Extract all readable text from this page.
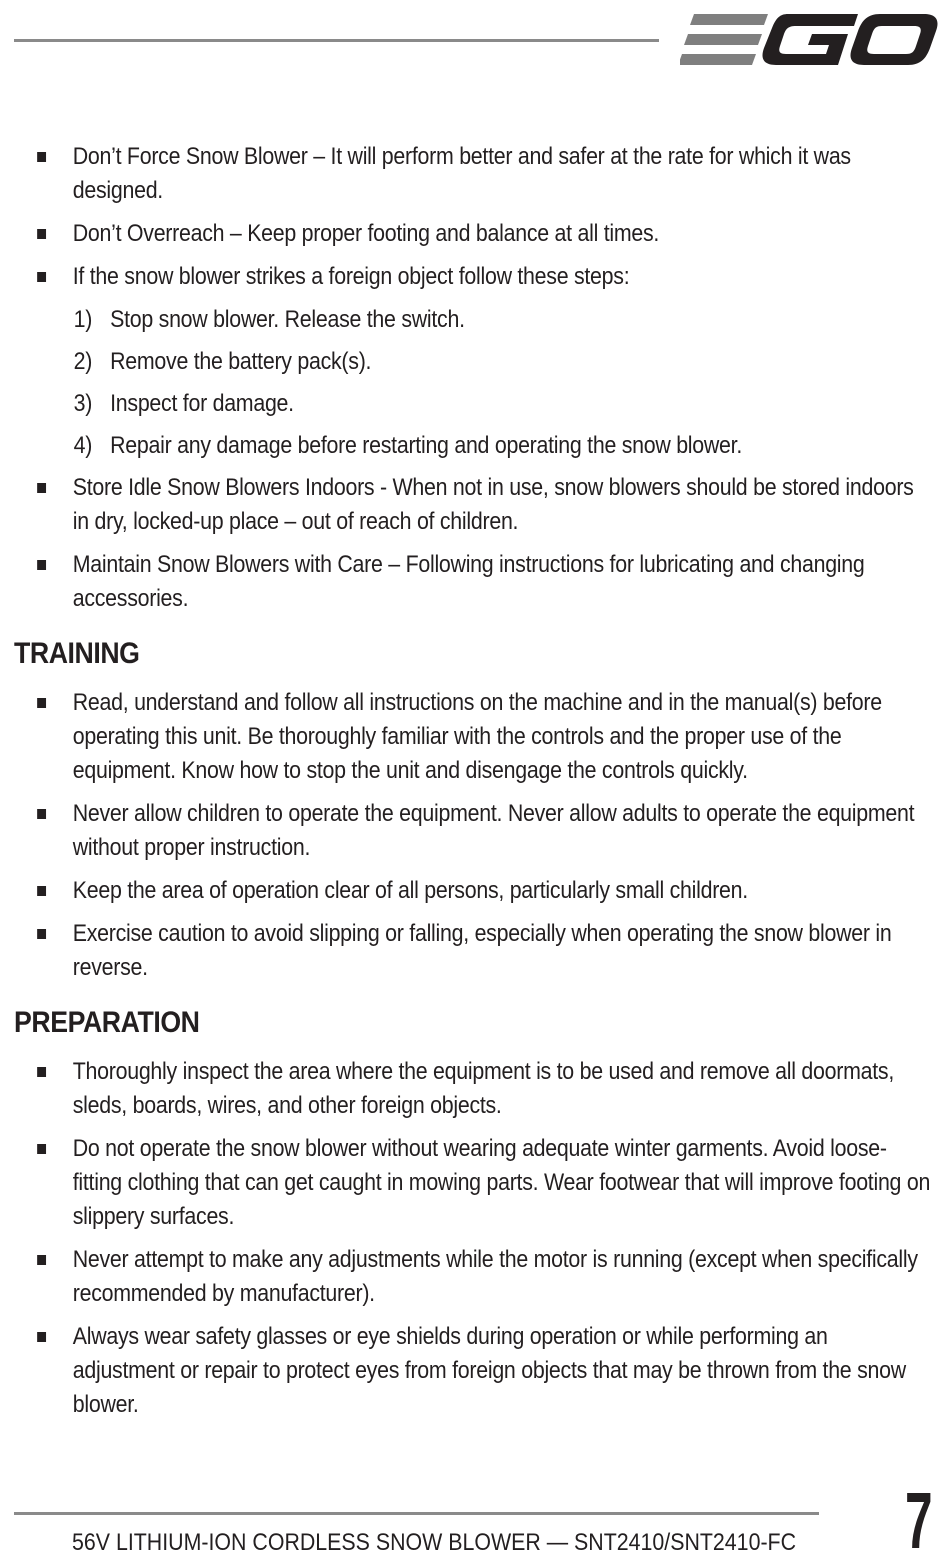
Don’t Force Snow Blower – It will perform better and safer at the rate for which it was designed.
Don’t Overreach – Keep proper footing and balance at all times.
If the snow blower strikes a foreign object follow these steps:
1) Stop snow blower. Release the switch.
2) Remove the battery pack(s).
3) Inspect for damage.
4) Repair any damage before restarting and operating the snow blower.
Store Idle Snow Blowers Indoors - When not in use, snow blowers should be stored indoors in dry, locked-up place – out of reach of children.
Maintain Snow Blowers with Care – Following instructions for lubricating and changing accessories.
TRAINING
Read, understand and follow all instructions on the machine and in the manual(s) before operating this unit. Be thoroughly familiar with the controls and the proper use of the equipment. Know how to stop the unit and disengage the controls quickly.
Never allow children to operate the equipment. Never allow adults to operate the equipment without proper instruction.
Keep the area of operation clear of all persons, particularly small children.
Exercise caution to avoid slipping or falling, especially when operating the snow blower in reverse.
PREPARATION
Thoroughly inspect the area where the equipment is to be used and remove all doormats, sleds, boards, wires, and other foreign objects.
Do not operate the snow blower without wearing adequate winter garments. Avoid loose-fitting clothing that can get caught in mowing parts. Wear footwear that will improve footing on slippery surfaces.
Never attempt to make any adjustments while the motor is running (except when specifically recommended by manufacturer).
Always wear safety glasses or eye shields during operation or while performing an adjustment or repair to protect eyes from foreign objects that may be thrown from the snow blower.
56V LITHIUM-ION CORDLESS SNOW BLOWER — SNT2410/SNT2410-FC 7
